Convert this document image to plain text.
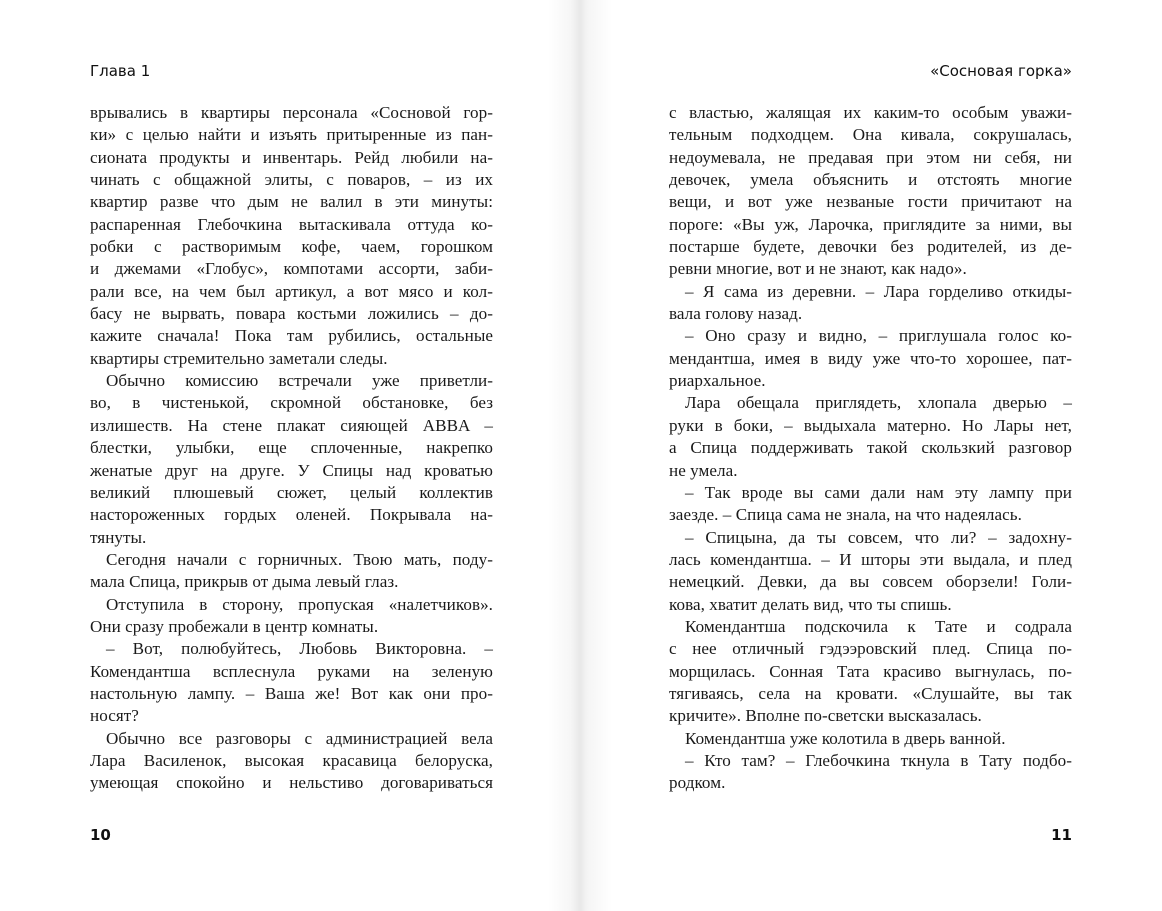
Глава 1
врывались в квартиры персонала «Сосновой гор-
ки» с целью найти и изъять притыренные из пан-
сионата продукты и инвентарь. Рейд любили на-
чинать с общажной элиты, с поваров, – из их
квартир разве что дым не валил в эти минуты:
распаренная Глебочкина вытаскивала оттуда ко-
робки с растворимым кофе, чаем, горошком
и джемами «Глобус», компотами ассорти, заби-
рали все, на чем был артикул, а вот мясо и кол-
басу не вырвать, повара костьми ложились – до-
кажите сначала! Пока там рубились, остальные
квартиры стремительно заметали следы.
Обычно комиссию встречали уже приветли-
во, в чистенькой, скромной обстановке, без
излишеств. На стене плакат сияющей ABBA –
блестки, улыбки, еще сплоченные, накрепко
женатые друг на друге. У Спицы над кроватью
великий плюшевый сюжет, целый коллектив
настороженных гордых оленей. Покрывала на-
тянуты.
Сегодня начали с горничных. Твою мать, поду-
мала Спица, прикрыв от дыма левый глаз.
Отступила в сторону, пропуская «налетчиков».
Они сразу пробежали в центр комнаты.
– Вот, полюбуйтесь, Любовь Викторовна. –
Комендантша всплеснула руками на зеленую
настольную лампу. – Ваша же! Вот как они про-
носят?
Обычно все разговоры с администрацией вела
Лара Василенок, высокая красавица белоруска,
умеющая спокойно и нельстиво договариваться
10
«Сосновая горка»
с властью, жалящая их каким-то особым уважи-
тельным подходцем. Она кивала, сокрушалась,
недоумевала, не предавая при этом ни себя, ни
девочек, умела объяснить и отстоять многие
вещи, и вот уже незваные гости причитают на
пороге: «Вы уж, Ларочка, приглядите за ними, вы
постарше будете, девочки без родителей, из де-
ревни многие, вот и не знают, как надо».
– Я сама из деревни. – Лара горделиво откиды-
вала голову назад.
– Оно сразу и видно, – приглушала голос ко-
мендантша, имея в виду уже что-то хорошее, пат-
риархальное.
Лара обещала приглядеть, хлопала дверью –
руки в боки, – выдыхала матерно. Но Лары нет,
а Спица поддерживать такой скользкий разговор
не умела.
– Так вроде вы сами дали нам эту лампу при
заезде. – Спица сама не знала, на что надеялась.
– Спицына, да ты совсем, что ли? – задохну-
лась комендантша. – И шторы эти выдала, и плед
немецкий. Девки, да вы совсем оборзели! Голи-
кова, хватит делать вид, что ты спишь.
Комендантша подскочила к Тате и содрала
с нее отличный гэдээровский плед. Спица по-
морщилась. Сонная Тата красиво выгнулась, по-
тягиваясь, села на кровати. «Слушайте, вы так
кричите». Вполне по-светски высказалась.
Комендантша уже колотила в дверь ванной.
– Кто там? – Глебочкина ткнула в Тату подбо-
родком.
11
